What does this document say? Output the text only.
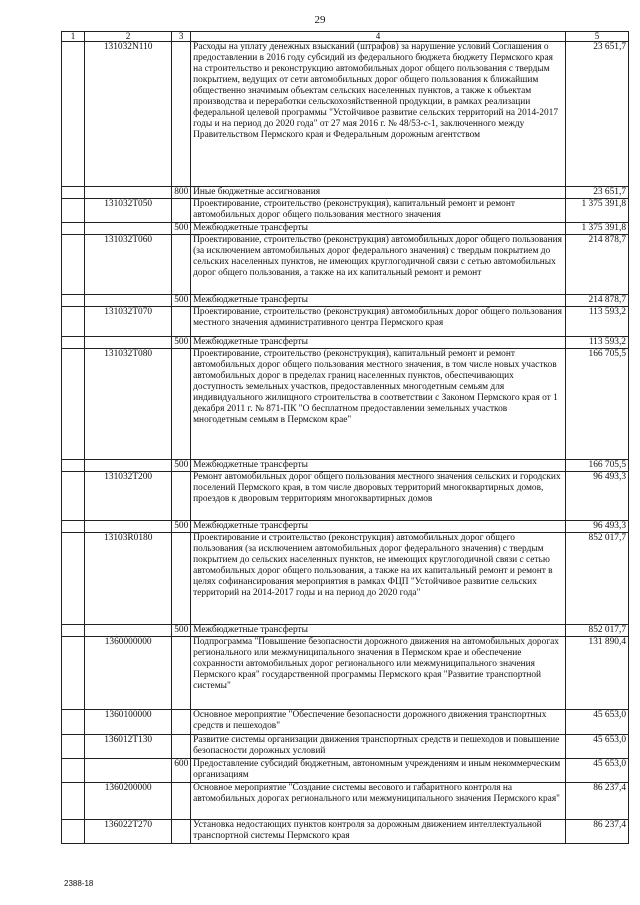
29
1	2	3	4	5
	131032N110		Расходы на уплату денежных взысканий (штрафов) за нарушение условий Соглашения о предоставлении в 2016 году субсидий из федерального бюджета бюджету Пермского края на строительство и реконструкцию автомобильных дорог общего пользования с твердым покрытием, ведущих от сети автомобильных дорог общего пользования к ближайшим общественно значимым объектам сельских населенных пунктов, а также к объектам производства и переработки сельскохозяйственной продукции, в рамках реализации федеральной целевой программы "Устойчивое развитие сельских территорий на 2014-2017 годы и на период до 2020 года" от 27 мая 2016 г. № 48/53-с-1, заключенного между Правительством Пермского края и Федеральным дорожным агентством	23 651,7
		800	Иные бюджетные ассигнования	23 651,7
	131032T050		Проектирование, строительство (реконструкция), капитальный ремонт и ремонт автомобильных дорог общего пользования местного значения	1 375 391,8
		500	Межбюджетные трансферты	1 375 391,8
	131032T060		Проектирование, строительство (реконструкция) автомобильных дорог общего пользования (за исключением автомобильных дорог федерального значения) с твердым покрытием до сельских населенных пунктов, не имеющих круглогодичной связи с сетью автомобильных дорог общего пользования, а также на их капитальный ремонт и ремонт	214 878,7
		500	Межбюджетные трансферты	214 878,7
	131032T070		Проектирование, строительство (реконструкция) автомобильных дорог общего пользования местного значения административного центра Пермского края	113 593,2
		500	Межбюджетные трансферты	113 593,2
	131032T080		Проектирование, строительство (реконструкция), капитальный ремонт и ремонт автомобильных дорог общего пользования местного значения, в том числе новых участков автомобильных дорог в пределах границ населенных пунктов, обеспечивающих доступность земельных участков, предоставленных многодетным семьям для индивидуального жилищного строительства в соответствии с Законом Пермского края от 1 декабря 2011 г. № 871-ПК "О бесплатном предоставлении земельных участков многодетным семьям в Пермском крае"	166 705,5
		500	Межбюджетные трансферты	166 705,5
	131032T200		Ремонт автомобильных дорог общего пользования местного значения сельских и городских поселений Пермского края, в том числе дворовых территорий многоквартирных домов, проездов к дворовым территориям многоквартирных домов	96 493,3
		500	Межбюджетные трансферты	96 493,3
	13103R0180		Проектирование и строительство (реконструкция) автомобильных дорог общего пользования (за исключением автомобильных дорог федерального значения) с твердым покрытием до сельских населенных пунктов, не имеющих круглогодичной связи с сетью автомобильных дорог общего пользования, а также на их капитальный ремонт и ремонт в целях софинансирования мероприятия в рамках ФЦП "Устойчивое развитие сельских территорий на 2014-2017 годы и на период до 2020 года"	852 017,7
		500	Межбюджетные трансферты	852 017,7
	1360000000		Подпрограмма "Повышение безопасности дорожного движения на автомобильных дорогах регионального или межмуниципального значения в Пермском крае и обеспечение сохранности автомобильных дорог регионального или межмуниципального значения Пермского края" государственной программы Пермского края "Развитие транспортной системы"	131 890,4
	1360100000		Основное мероприятие "Обеспечение безопасности дорожного движения транспортных средств и пешеходов"	45 653,0
	136012T130		Развитие системы организации движения транспортных средств и пешеходов и повышение безопасности дорожных условий	45 653,0
		600	Предоставление субсидий бюджетным, автономным учреждениям и иным некоммерческим организациям	45 653,0
	1360200000		Основное мероприятие "Создание системы весового и габаритного контроля на автомобильных дорогах регионального или межмуниципального значения Пермского края"	86 237,4
	136022T270		Установка недостающих пунктов контроля за дорожным движением интеллектуальной транспортной системы Пермского края	86 237,4
2388-18
